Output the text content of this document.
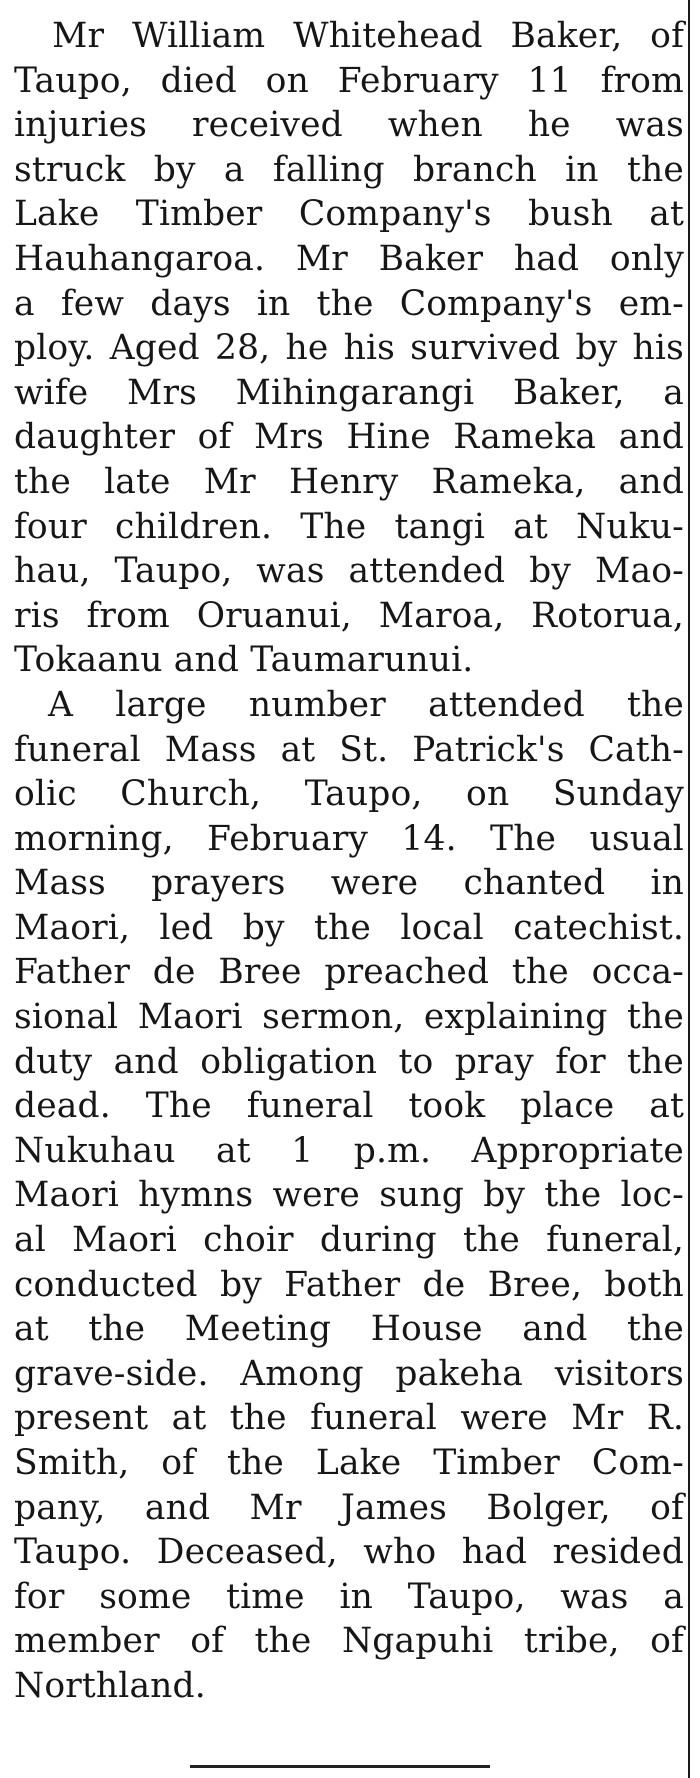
Mr William Whitehead Baker, of
Taupo, died on February 11 from
injuries received when he was
struck by a falling branch in the
Lake Timber Company's bush at
Hauhangaroa. Mr Baker had only
a few days in the Company's em-
ploy. Aged 28, he his survived by his
wife Mrs Mihingarangi Baker, a
daughter of Mrs Hine Rameka and
the late Mr Henry Rameka, and
four children. The tangi at Nuku-
hau, Taupo, was attended by Mao-
ris from Oruanui, Maroa, Rotorua,
Tokaanu and Taumarunui.
A large number attended the
funeral Mass at St. Patrick's Cath-
olic Church, Taupo, on Sunday
morning, February 14. The usual
Mass prayers were chanted in
Maori, led by the local catechist.
Father de Bree preached the occa-
sional Maori sermon, explaining the
duty and obligation to pray for the
dead. The funeral took place at
Nukuhau at 1 p.m. Appropriate
Maori hymns were sung by the loc-
al Maori choir during the funeral,
conducted by Father de Bree, both
at the Meeting House and the
grave-side. Among pakeha visitors
present at the funeral were Mr R.
Smith, of the Lake Timber Com-
pany, and Mr James Bolger, of
Taupo. Deceased, who had resided
for some time in Taupo, was a
member of the Ngapuhi tribe, of
Northland.
